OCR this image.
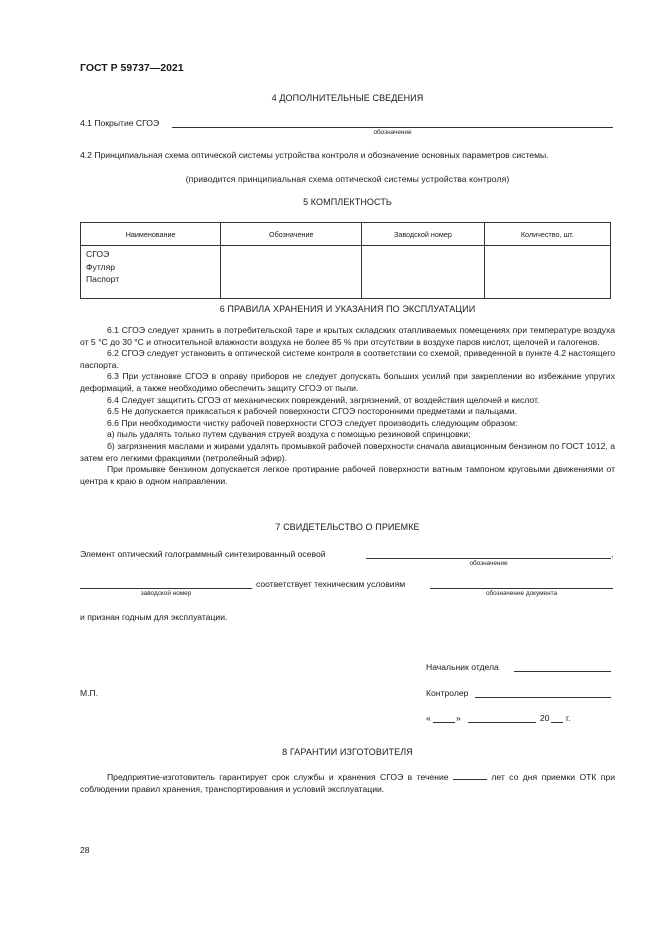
ГОСТ Р 59737—2021
4 ДОПОЛНИТЕЛЬНЫЕ СВЕДЕНИЯ
4.1 Покрытие СГОЭ
обозначение
4.2 Принципиальная схема оптической системы устройства контроля и обозначение основных параметров системы.
(приводится принципиальная схема оптической системы устройства контроля)
5 КОМПЛЕКТНОСТЬ
Наименование	Обозначение	Заводской номер	Количество, шт.

СГОЭ
Футляр
Паспорт			

6 ПРАВИЛА ХРАНЕНИЯ И УКАЗАНИЯ ПО ЭКСПЛУАТАЦИИ

6.1 СГОЭ следует хранить в потребительской таре и крытых складских отапливаемых помещениях при температуре воздуха от 5 °C до 30 °C и относительной влажности воздуха не более 85 % при отсутствии в воздухе паров кислот, щелочей и галогенов.

6.2 СГОЭ следует установить в оптической системе контроля в соответствии со схемой, приведенной в пункте 4.2 настоящего паспорта.

6.3 При установке СГОЭ в оправу приборов не следует допускать больших усилий при закреплении во избежание упругих деформаций, а также необходимо обеспечить защиту СГОЭ от пыли.

6.4 Следует защитить СГОЭ от механических повреждений, загрязнений, от воздействия щелочей и кислот.

6.5 Не допускается прикасаться к рабочей поверхности СГОЭ посторонними предметами и пальцами.

6.6 При необходимости чистку рабочей поверхности СГОЭ следует производить следующим образом:

а) пыль удалять только путем сдувания струей воздуха с помощью резиновой спринцовки;

б) загрязнения маслами и жирами удалять промывкой рабочей поверхности сначала авиационным бензином по ГОСТ 1012, а затем его легкими фракциями (петролейный эфир).

При промывке бензином допускается легкое протирание рабочей поверхности ватным тампоном круговыми движениями от центра к краю в одном направлении.

7 СВИДЕТЕЛЬСТВО О ПРИЕМКЕ
Элемент оптический голограммный синтезированный осевой	,
обозначение
соответствует техническим условиям
заводской номер	обозначение документа
и признан годным для эксплуатации.
Начальник отдела
М.П.	Контролер
«	»	20 г.
8 ГАРАНТИИ ИЗГОТОВИТЕЛЯ

Предприятие-изготовитель гарантирует срок службы и хранения СГОЭ в течение	лет со дня приемки ОТК при соблюдении правил хранения, транспортирования и условий эксплуатации.

28
